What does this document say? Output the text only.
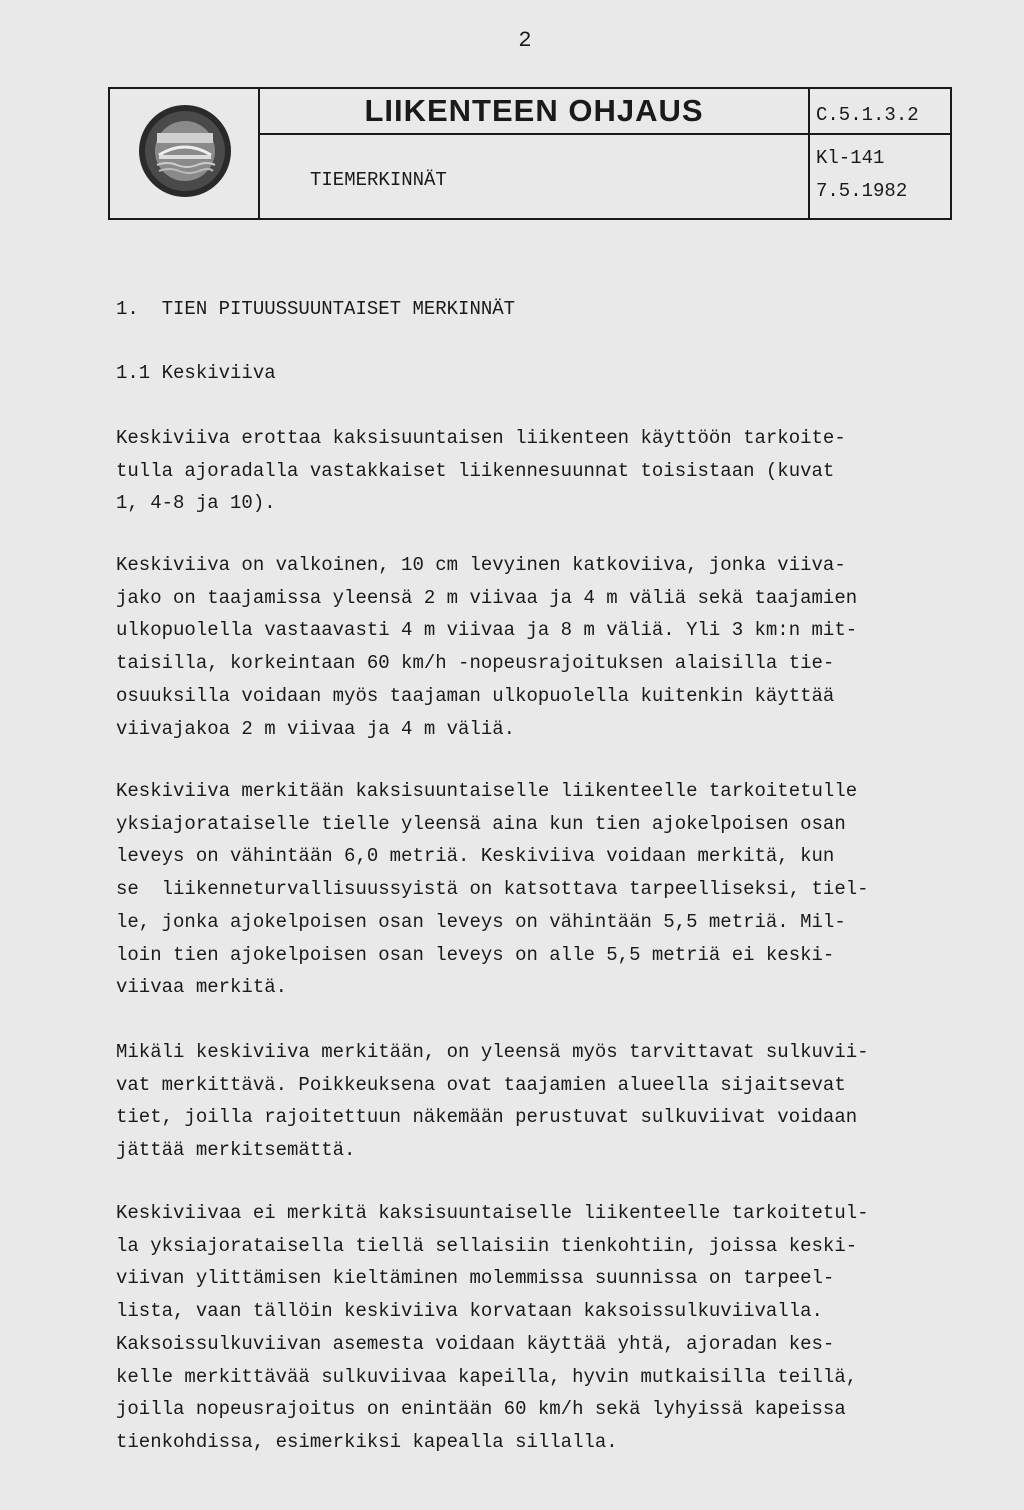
2
LIIKENTEEN OHJAUS
TIEMERKINNÄT
C.5.1.3.2
Kl-141
7.5.1982
1.  TIEN PITUUSSUUNTAISET MERKINNÄT
1.1 Keskiviiva

Keskiviiva erottaa kaksisuuntaisen liikenteen käyttöön tarkoite-
tulla ajoradalla vastakkaiset liikennesuunnat toisistaan (kuvat
1, 4-8 ja 10).

Keskiviiva on valkoinen, 10 cm levyinen katkoviiva, jonka viiva-
jako on taajamissa yleensä 2 m viivaa ja 4 m väliä sekä taajamien
ulkopuolella vastaavasti 4 m viivaa ja 8 m väliä. Yli 3 km:n mit-
taisilla, korkeintaan 60 km/h -nopeusrajoituksen alaisilla tie-
osuuksilla voidaan myös taajaman ulkopuolella kuitenkin käyttää
viivajakoa 2 m viivaa ja 4 m väliä.

Keskiviiva merkitään kaksisuuntaiselle liikenteelle tarkoitetulle
yksiajorataiselle tielle yleensä aina kun tien ajokelpoisen osan
leveys on vähintään 6,0 metriä. Keskiviiva voidaan merkitä, kun
se  liikenneturvallisuussyistä on katsottava tarpeelliseksi, tiel-
le, jonka ajokelpoisen osan leveys on vähintään 5,5 metriä. Mil-
loin tien ajokelpoisen osan leveys on alle 5,5 metriä ei keski-
viivaa merkitä.

Mikäli keskiviiva merkitään, on yleensä myös tarvittavat sulkuvii-
vat merkittävä. Poikkeuksena ovat taajamien alueella sijaitsevat
tiet, joilla rajoitettuun näkemään perustuvat sulkuviivat voidaan
jättää merkitsemättä.

Keskiviivaa ei merkitä kaksisuuntaiselle liikenteelle tarkoitetul-
la yksiajorataisella tiellä sellaisiin tienkohtiin, joissa keski-
viivan ylittämisen kieltäminen molemmissa suunnissa on tarpeel-
lista, vaan tällöin keskiviiva korvataan kaksoissulkuviivalla.
Kaksoissulkuviivan asemesta voidaan käyttää yhtä, ajoradan kes-
kelle merkittävää sulkuviivaa kapeilla, hyvin mutkaisilla teillä,
joilla nopeusrajoitus on enintään 60 km/h sekä lyhyissä kapeissa
tienkohdissa, esimerkiksi kapealla sillalla.
